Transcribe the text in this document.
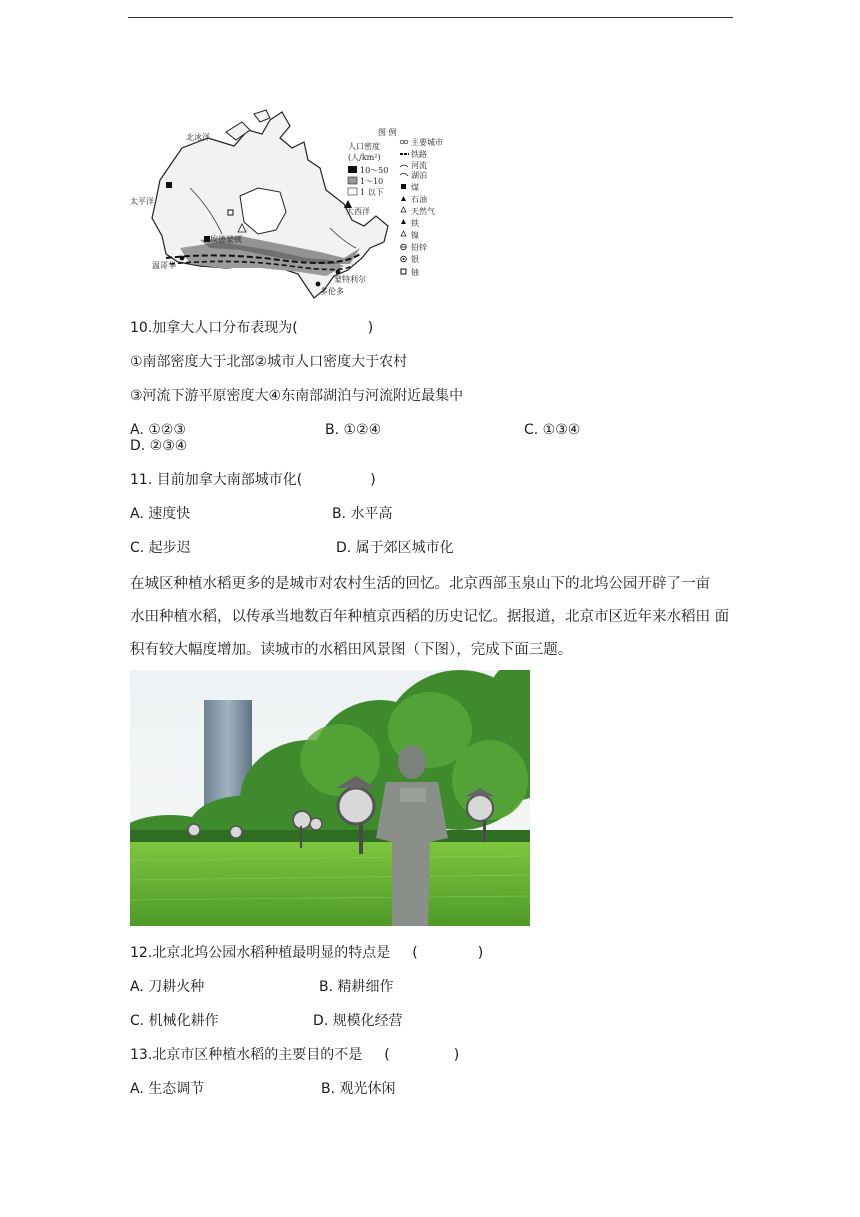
北冰洋
太平洋
大西洋
埃德蒙顿
温哥华
蒙特利尔
多伦多
图 例
人口密度
(人/km²)
10～50
1～10
1 以下
主要城市
铁路
河流
湖泊
煤
石油
天然气
铁
镍
铅锌
银
铀
10.加拿大人口分布表现为(	)
①南部密度大于北部②城市人口密度大于农村
③河流下游平原密度大④东南部湖泊与河流附近最集中
A. ①②③	B. ①②④	C. ①③④
D. ②③④
11. 目前加拿大南部城市化(	)
A. 速度快	B. 水平高
C. 起步迟	D. 属于郊区城市化
在城区种植水稻更多的是城市对农村生活的回忆。北京西部玉泉山下的北坞公园开辟了一亩
水田种植水稻，以传承当地数百年种植京西稻的历史记忆。据报道，北京市区近年来水稻田 面
积有较大幅度增加。读城市的水稻田风景图（下图），完成下面三题。
12.北京北坞公园水稻种植最明显的特点是 (	)
A. 刀耕火种	B. 精耕细作
C. 机械化耕作	D. 规模化经营
13.北京市区种植水稻的主要目的不是 (	)
A. 生态调节	B. 观光休闲
